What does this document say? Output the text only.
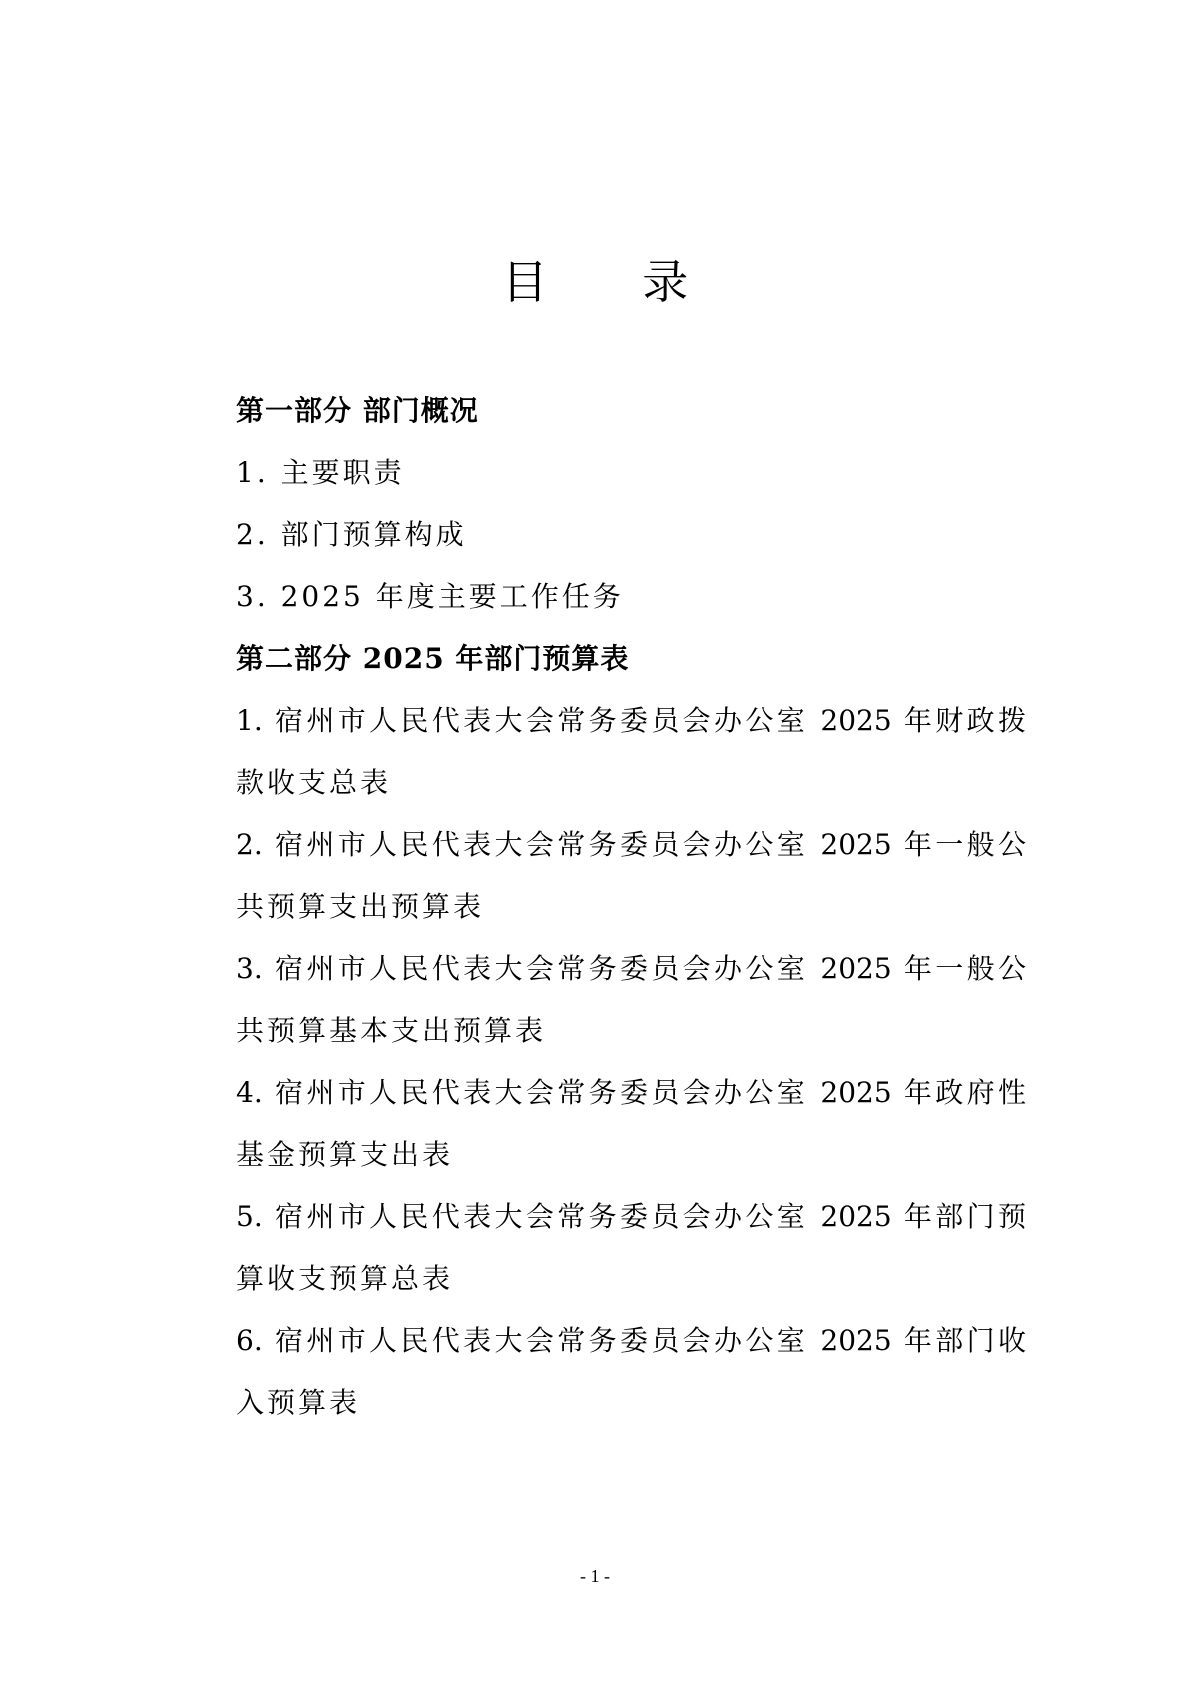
目 录
第一部分 部门概况
1. 主要职责
2. 部门预算构成
3. 2025 年度主要工作任务
第二部分 2025 年部门预算表
1. 宿州市人民代表大会常务委员会办公室 2025 年财政拨
款收支总表
2. 宿州市人民代表大会常务委员会办公室 2025 年一般公
共预算支出预算表
3. 宿州市人民代表大会常务委员会办公室 2025 年一般公
共预算基本支出预算表
4. 宿州市人民代表大会常务委员会办公室 2025 年政府性
基金预算支出表
5. 宿州市人民代表大会常务委员会办公室 2025 年部门预
算收支预算总表
6. 宿州市人民代表大会常务委员会办公室 2025 年部门收
入预算表
- 1 -
